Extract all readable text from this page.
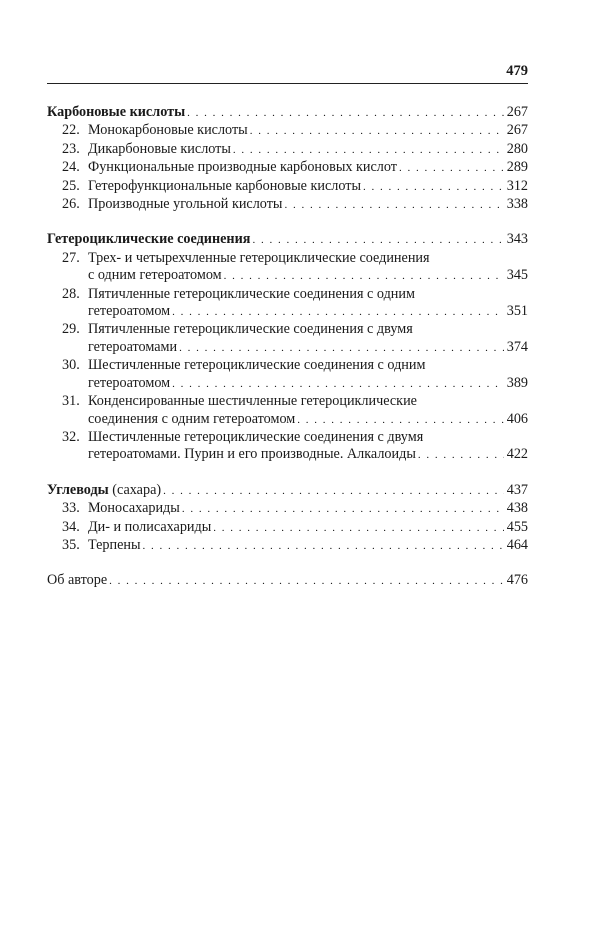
479
Карбоновые кислоты . . .	267
22. Монокарбоновые кислоты . . .	267
23. Дикарбоновые кислоты . . .	280
24. Функциональные производные карбоновых кислот . . .	289
25. Гетерофункциональные карбоновые кислоты . . .	312
26. Производные угольной кислоты . . .	338
Гетероциклические соединения . . .	343
27. Трех- и четырехчленные гетероциклические соединения
с одним гетероатомом . . .	345
28. Пятичленные гетероциклические соединения с одним
гетероатомом . . .	351
29. Пятичленные гетероциклические соединения с двумя
гетероатомами . . .	374
30. Шестичленные гетероциклические соединения с одним
гетероатомом . . .	389
31. Конденсированные шестичленные гетероциклические
соединения с одним гетероатомом . . .	406
32. Шестичленные гетероциклические соединения с двумя
гетероатомами. Пурин и его производные. Алкалоиды . . .	422
Углеводы (сахара) . . .	437
33. Моносахариды . . .	438
34. Ди- и полисахариды . . .	455
35. Терпены . . .	464
Об авторе . . .	476
